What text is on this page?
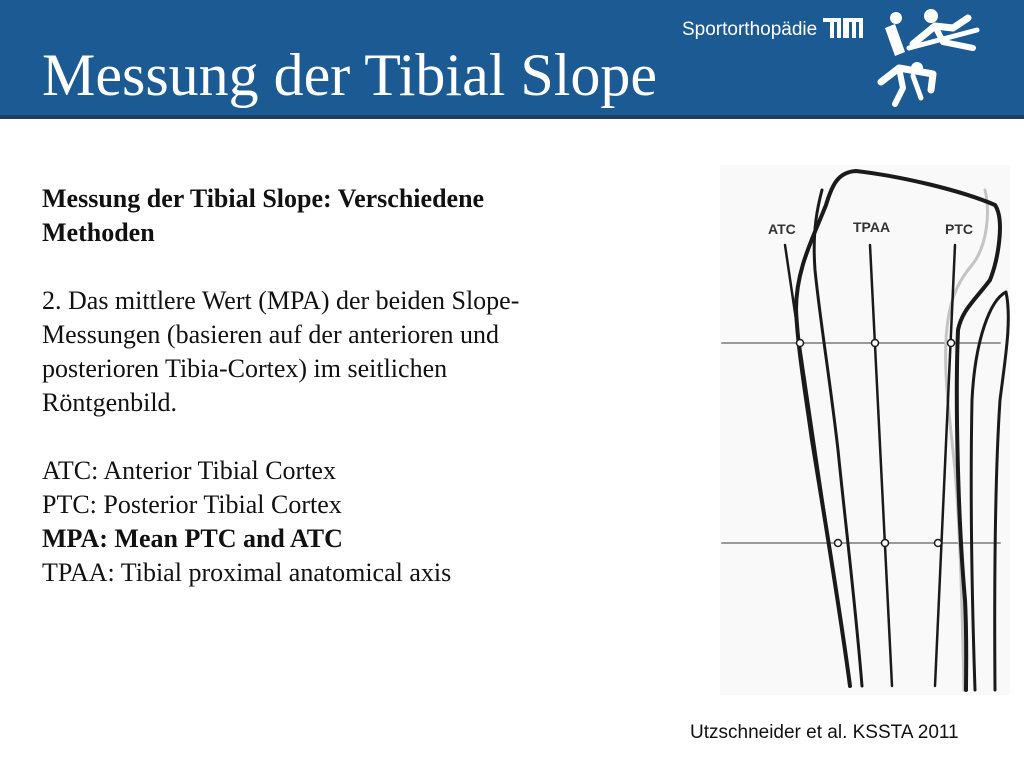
Messung der Tibial Slope
Sportorthopädie

Messung der Tibial Slope: Verschiedene

Methoden

2. Das mittlere Wert (MPA) der beiden Slope-

Messungen (basieren auf der anterioren und

posterioren Tibia-Cortex) im seitlichen

Röntgenbild.

ATC: Anterior Tibial Cortex

PTC: Posterior Tibial Cortex

MPA: Mean PTC and ATC

TPAA: Tibial proximal anatomical axis

ATC	TPAA	PTC
Utzschneider et al. KSSTA 2011
